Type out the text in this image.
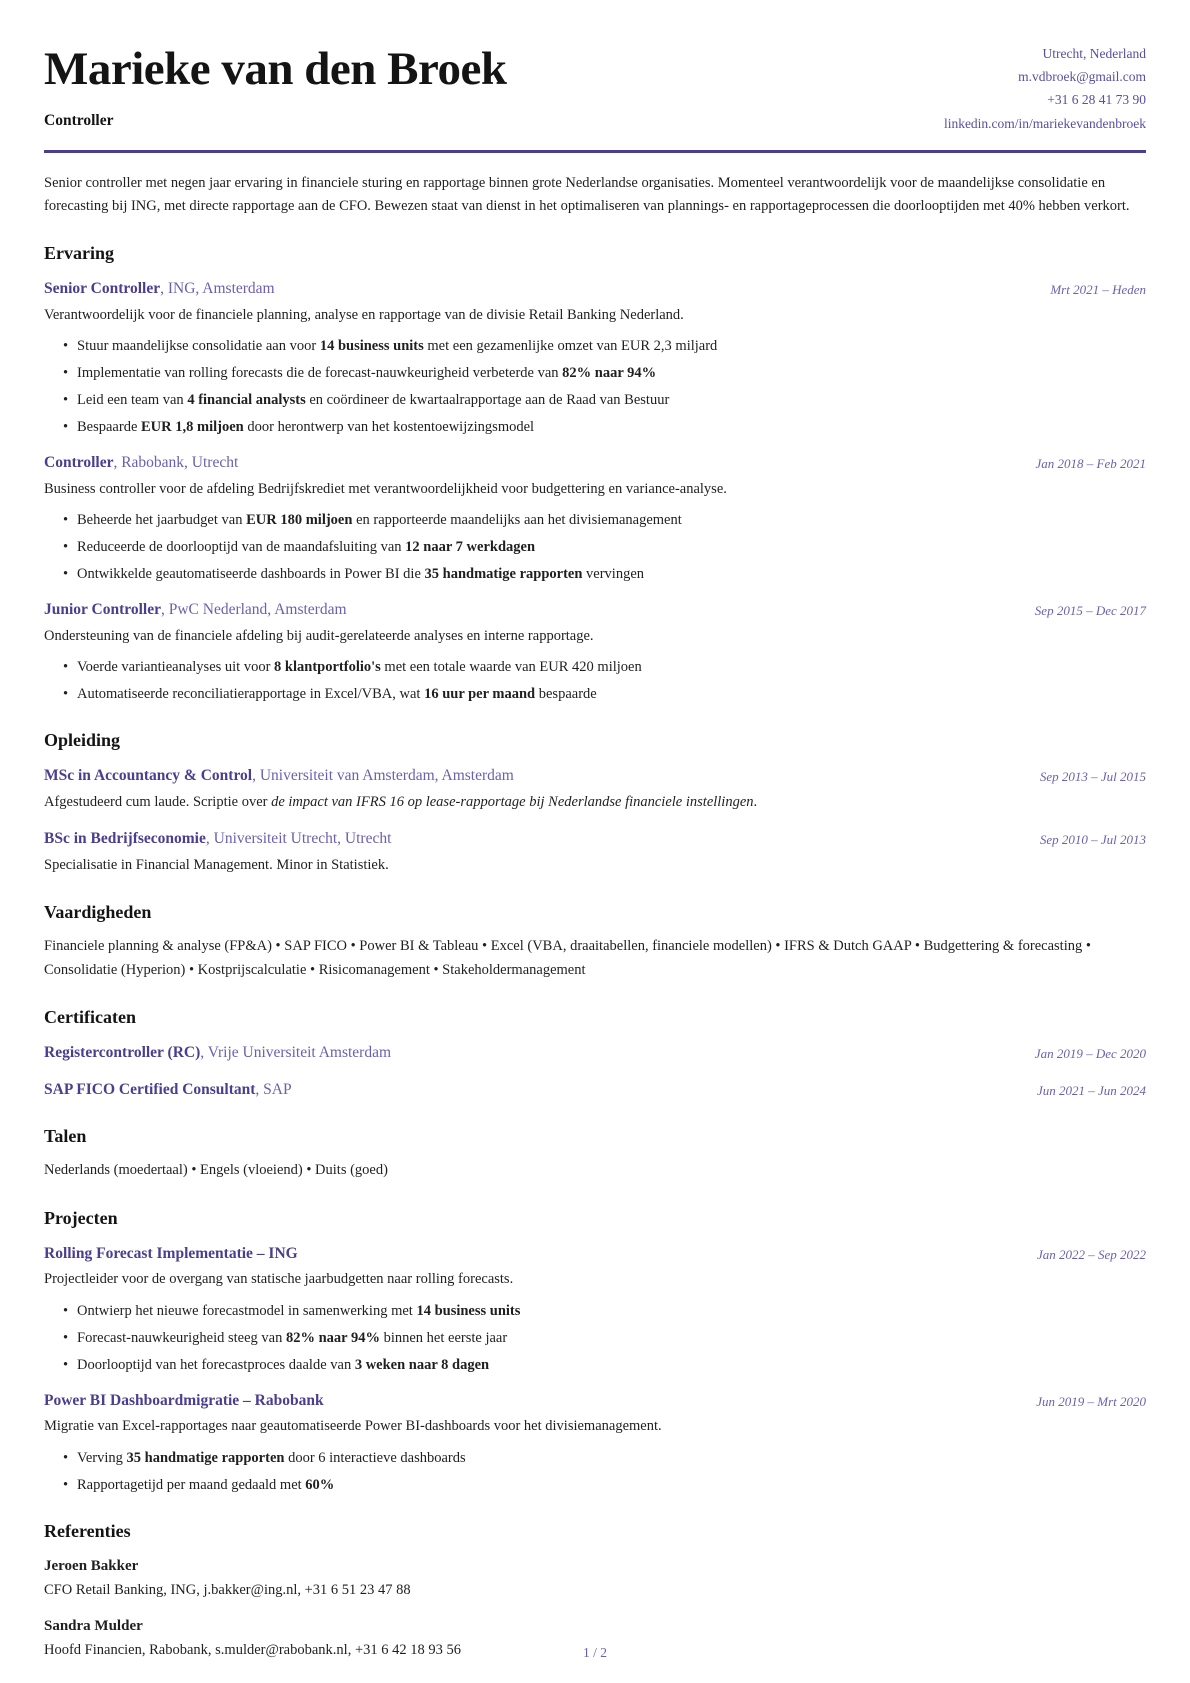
Marieke van den Broek
Controller
Utrecht, Nederland
m.vdbroek@gmail.com
+31 6 28 41 73 90
linkedin.com/in/mariekevandenbroek

Senior controller met negen jaar ervaring in financiele sturing en rapportage binnen grote Nederlandse organisaties. Momenteel verantwoordelijk voor de maandelijkse consolidatie en forecasting bij ING, met directe rapportage aan de CFO. Bewezen staat van dienst in het optimaliseren van plannings- en rapportageprocessen die doorlooptijden met 40% hebben verkort.

Ervaring
Senior Controller, ING, Amsterdam	Mrt 2021 – Heden

Verantwoordelijk voor de financiele planning, analyse en rapportage van de divisie Retail Banking Nederland.

• Stuur maandelijkse consolidatie aan voor 14 business units met een gezamenlijke omzet van EUR 2,3 miljard
• Implementatie van rolling forecasts die de forecast-nauwkeurigheid verbeterde van 82% naar 94%
• Leid een team van 4 financial analysts en coördineer de kwartaalrapportage aan de Raad van Bestuur
• Bespaarde EUR 1,8 miljoen door herontwerp van het kostentoewijzingsmodel
Controller, Rabobank, Utrecht	Jan 2018 – Feb 2021

Business controller voor de afdeling Bedrijfskrediet met verantwoordelijkheid voor budgettering en variance-analyse.

• Beheerde het jaarbudget van EUR 180 miljoen en rapporteerde maandelijks aan het divisiemanagement
• Reduceerde de doorlooptijd van de maandafsluiting van 12 naar 7 werkdagen
• Ontwikkelde geautomatiseerde dashboards in Power BI die 35 handmatige rapporten vervingen
Junior Controller, PwC Nederland, Amsterdam	Sep 2015 – Dec 2017

Ondersteuning van de financiele afdeling bij audit-gerelateerde analyses en interne rapportage.

• Voerde variantieanalyses uit voor 8 klantportfolio's met een totale waarde van EUR 420 miljoen
• Automatiseerde reconciliatierapportage in Excel/VBA, wat 16 uur per maand bespaarde
Opleiding
MSc in Accountancy & Control, Universiteit van Amsterdam, Amsterdam	Sep 2013 – Jul 2015

Afgestudeerd cum laude. Scriptie over de impact van IFRS 16 op lease-rapportage bij Nederlandse financiele instellingen.

BSc in Bedrijfseconomie, Universiteit Utrecht, Utrecht	Sep 2010 – Jul 2013

Specialisatie in Financial Management. Minor in Statistiek.

Vaardigheden

Financiele planning & analyse (FP&A) • SAP FICO • Power BI & Tableau • Excel (VBA, draaitabellen, financiele modellen) • IFRS & Dutch GAAP • Budgettering & forecasting • Consolidatie (Hyperion) • Kostprijscalculatie • Risicomanagement • Stakeholdermanagement

Certificaten
Registercontroller (RC), Vrije Universiteit Amsterdam	Jan 2019 – Dec 2020
SAP FICO Certified Consultant, SAP	Jun 2021 – Jun 2024
Talen

Nederlands (moedertaal) • Engels (vloeiend) • Duits (goed)

Projecten
Rolling Forecast Implementatie – ING	Jan 2022 – Sep 2022

Projectleider voor de overgang van statische jaarbudgetten naar rolling forecasts.

• Ontwierp het nieuwe forecastmodel in samenwerking met 14 business units
• Forecast-nauwkeurigheid steeg van 82% naar 94% binnen het eerste jaar
• Doorlooptijd van het forecastproces daalde van 3 weken naar 8 dagen
Power BI Dashboardmigratie – Rabobank	Jun 2019 – Mrt 2020

Migratie van Excel-rapportages naar geautomatiseerde Power BI-dashboards voor het divisiemanagement.

• Verving 35 handmatige rapporten door 6 interactieve dashboards
• Rapportagetijd per maand gedaald met 60%
Referenties
Jeroen Bakker
CFO Retail Banking, ING, j.bakker@ing.nl, +31 6 51 23 47 88
Sandra Mulder
Hoofd Financien, Rabobank, s.mulder@rabobank.nl, +31 6 42 18 93 56	1 / 2
